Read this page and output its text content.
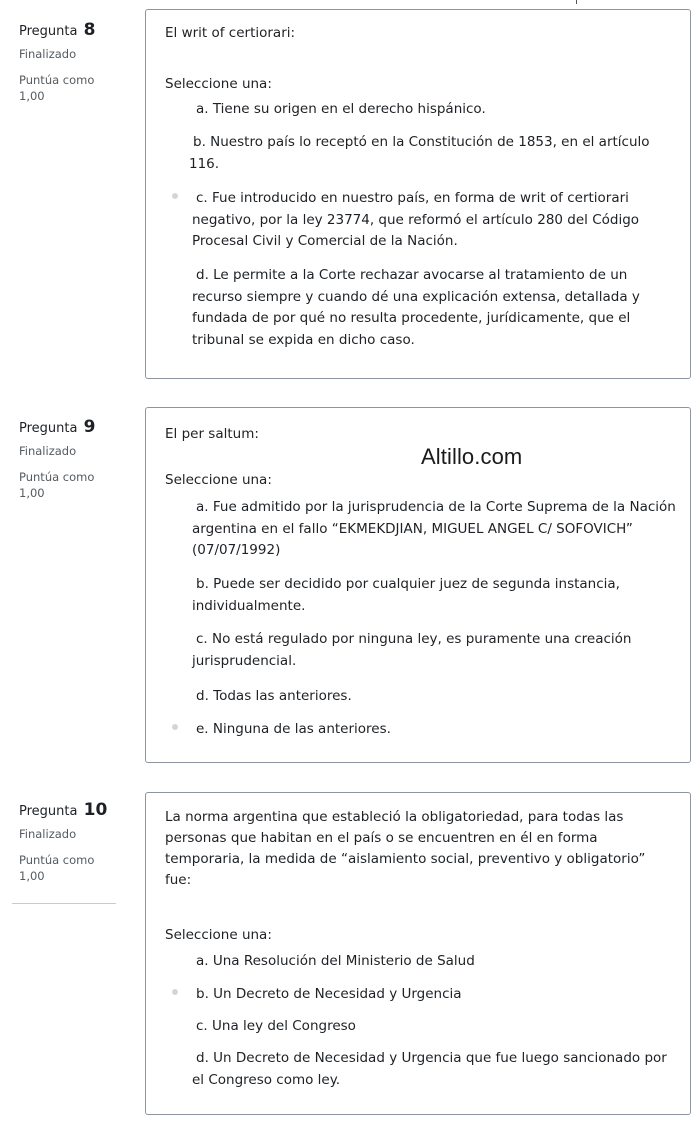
Pregunta 8
Finalizado
Puntúa como
1,00
El writ of certiorari:
Seleccione una:
a. Tiene su origen en el derecho hispánico.
b. Nuestro país lo receptó en la Constitución de 1853, en el artículo 116.
c. Fue introducido en nuestro país, en forma de writ of certiorari negativo, por la ley 23774, que reformó el artículo 280 del Código Procesal Civil y Comercial de la Nación.
d. Le permite a la Corte rechazar avocarse al tratamiento de un recurso siempre y cuando dé una explicación extensa, detallada y fundada de por qué no resulta procedente, jurídicamente, que el tribunal se expida en dicho caso.
Pregunta 9
Finalizado
Puntúa como
1,00
El per saltum:
Seleccione una:
a. Fue admitido por la jurisprudencia de la Corte Suprema de la Nación argentina en el fallo “EKMEKDJIAN, MIGUEL ANGEL C/ SOFOVICH” (07/07/1992)
b. Puede ser decidido por cualquier juez de segunda instancia, individualmente.
c. No está regulado por ninguna ley, es puramente una creación jurisprudencial.
d. Todas las anteriores.
e. Ninguna de las anteriores.
Altillo.com
Pregunta 10
Finalizado
Puntúa como
1,00
La norma argentina que estableció la obligatoriedad, para todas las personas que habitan en el país o se encuentren en él en forma temporaria, la medida de “aislamiento social, preventivo y obligatorio” fue:
Seleccione una:
a. Una Resolución del Ministerio de Salud
b. Un Decreto de Necesidad y Urgencia
c. Una ley del Congreso
d. Un Decreto de Necesidad y Urgencia que fue luego sancionado por el Congreso como ley.
